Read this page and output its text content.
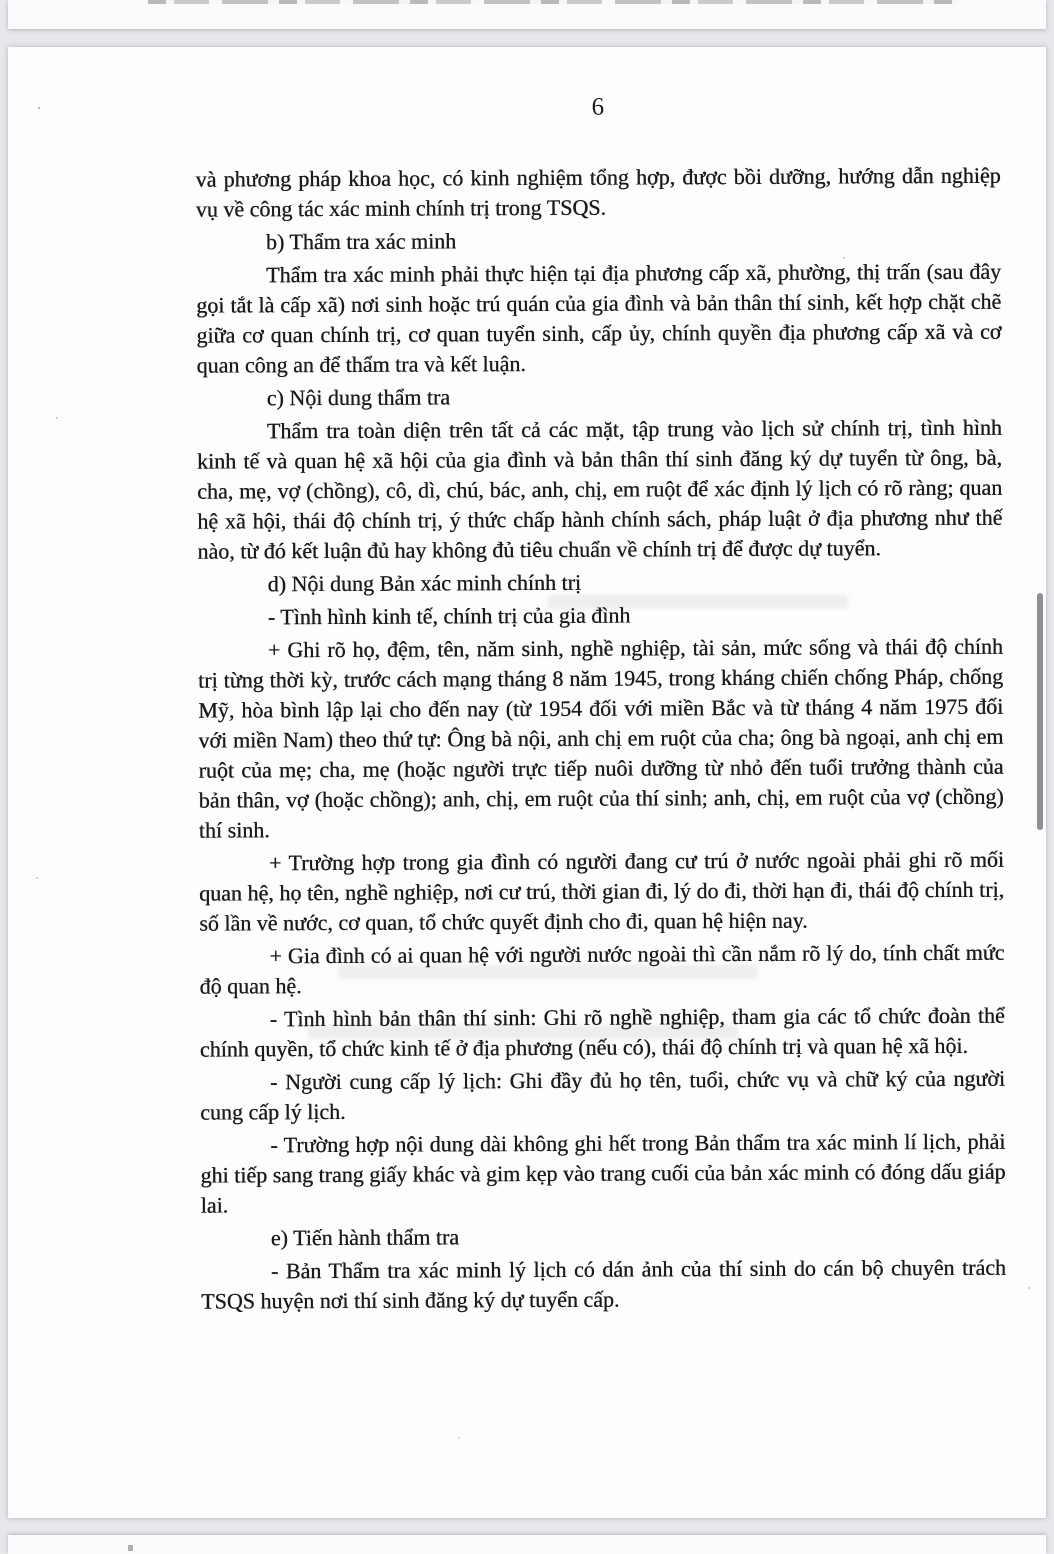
6

và phương pháp khoa học, có kinh nghiệm tổng hợp, được bồi dưỡng, hướng dẫn nghiệp vụ về công tác xác minh chính trị trong TSQS.

b) Thẩm tra xác minh

Thẩm tra xác minh phải thực hiện tại địa phương cấp xã, phường, thị trấn (sau đây gọi tắt là cấp xã) nơi sinh hoặc trú quán của gia đình và bản thân thí sinh, kết hợp chặt chẽ giữa cơ quan chính trị, cơ quan tuyển sinh, cấp ủy, chính quyền địa phương cấp xã và cơ quan công an để thẩm tra và kết luận.

c) Nội dung thẩm tra

Thẩm tra toàn diện trên tất cả các mặt, tập trung vào lịch sử chính trị, tình hình kinh tế và quan hệ xã hội của gia đình và bản thân thí sinh đăng ký dự tuyển từ ông, bà, cha, mẹ, vợ (chồng), cô, dì, chú, bác, anh, chị, em ruột để xác định lý lịch có rõ ràng; quan hệ xã hội, thái độ chính trị, ý thức chấp hành chính sách, pháp luật ở địa phương như thế nào, từ đó kết luận đủ hay không đủ tiêu chuẩn về chính trị để được dự tuyển.

d) Nội dung Bản xác minh chính trị

- Tình hình kinh tế, chính trị của gia đình

+ Ghi rõ họ, đệm, tên, năm sinh, nghề nghiệp, tài sản, mức sống và thái độ chính trị từng thời kỳ, trước cách mạng tháng 8 năm 1945, trong kháng chiến chống Pháp, chống Mỹ, hòa bình lập lại cho đến nay (từ 1954 đối với miền Bắc và từ tháng 4 năm 1975 đối với miền Nam) theo thứ tự: Ông bà nội, anh chị em ruột của cha; ông bà ngoại, anh chị em ruột của mẹ; cha, mẹ (hoặc người trực tiếp nuôi dưỡng từ nhỏ đến tuổi trưởng thành của bản thân, vợ (hoặc chồng); anh, chị, em ruột của thí sinh; anh, chị, em ruột của vợ (chồng) thí sinh.

+ Trường hợp trong gia đình có người đang cư trú ở nước ngoài phải ghi rõ mối quan hệ, họ tên, nghề nghiệp, nơi cư trú, thời gian đi, lý do đi, thời hạn đi, thái độ chính trị, số lần về nước, cơ quan, tổ chức quyết định cho đi, quan hệ hiện nay.

+ Gia đình có ai quan hệ với người nước ngoài thì cần nắm rõ lý do, tính chất mức độ quan hệ.

- Tình hình bản thân thí sinh: Ghi rõ nghề nghiệp, tham gia các tổ chức đoàn thể chính quyền, tổ chức kinh tế ở địa phương (nếu có), thái độ chính trị và quan hệ xã hội.

- Người cung cấp lý lịch: Ghi đầy đủ họ tên, tuổi, chức vụ và chữ ký của người cung cấp lý lịch.

- Trường hợp nội dung dài không ghi hết trong Bản thẩm tra xác minh lí lịch, phải ghi tiếp sang trang giấy khác và gim kẹp vào trang cuối của bản xác minh có đóng dấu giáp lai.

e) Tiến hành thẩm tra

- Bản Thẩm tra xác minh lý lịch có dán ảnh của thí sinh do cán bộ chuyên trách TSQS huyện nơi thí sinh đăng ký dự tuyển cấp.
